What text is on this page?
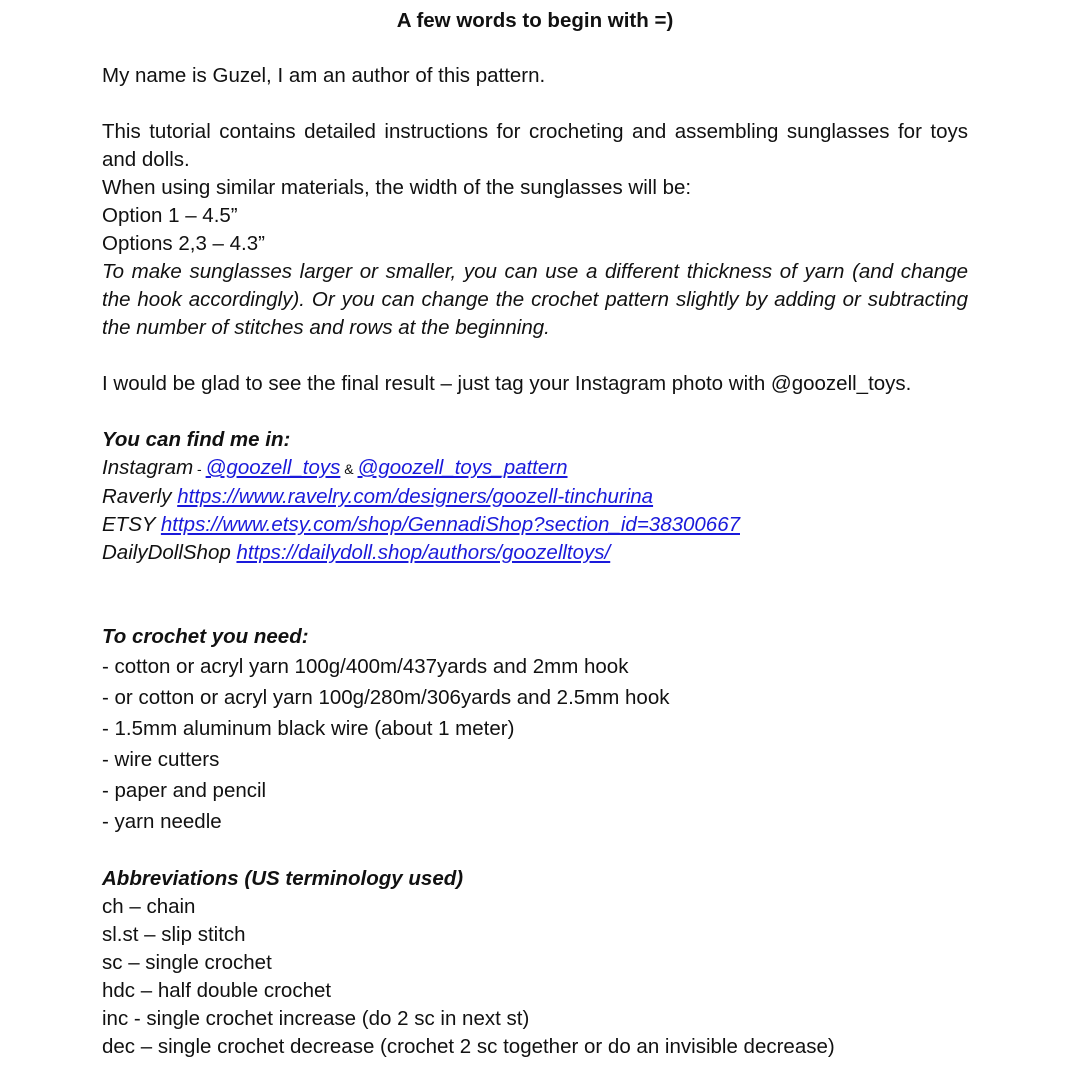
A few words to begin with =)

My name is Guzel, I am an author of this pattern.

This tutorial contains detailed instructions for crocheting and assembling sunglasses for toys and dolls.

When using similar materials, the width of the sunglasses will be:

Option 1 – 4.5”

Options 2,3 – 4.3”

To make sunglasses larger or smaller, you can use a different thickness of yarn (and change the hook accordingly). Or you can change the crochet pattern slightly by adding or subtracting the number of stitches and rows at the beginning.

I would be glad to see the final result – just tag your Instagram photo with @goozell_toys.

You can find me in:

Instagram - @goozell_toys & @goozell_toys_pattern

Raverly https://www.ravelry.com/designers/goozell-tinchurina

ETSY https://www.etsy.com/shop/GennadiShop?section_id=38300667

DailyDollShop https://dailydoll.shop/authors/goozelltoys/

To crochet you need:

- cotton or acryl yarn 100g/400m/437yards and 2mm hook

- or cotton or acryl yarn 100g/280m/306yards and 2.5mm hook

- 1.5mm aluminum black wire (about 1 meter)

- wire cutters

- paper and pencil

- yarn needle

Abbreviations (US terminology used)

ch – chain

sl.st – slip stitch

sc – single crochet

hdc – half double crochet

inc - single crochet increase (do 2 sc in next st)

dec – single crochet decrease (crochet 2 sc together or do an invisible decrease)
